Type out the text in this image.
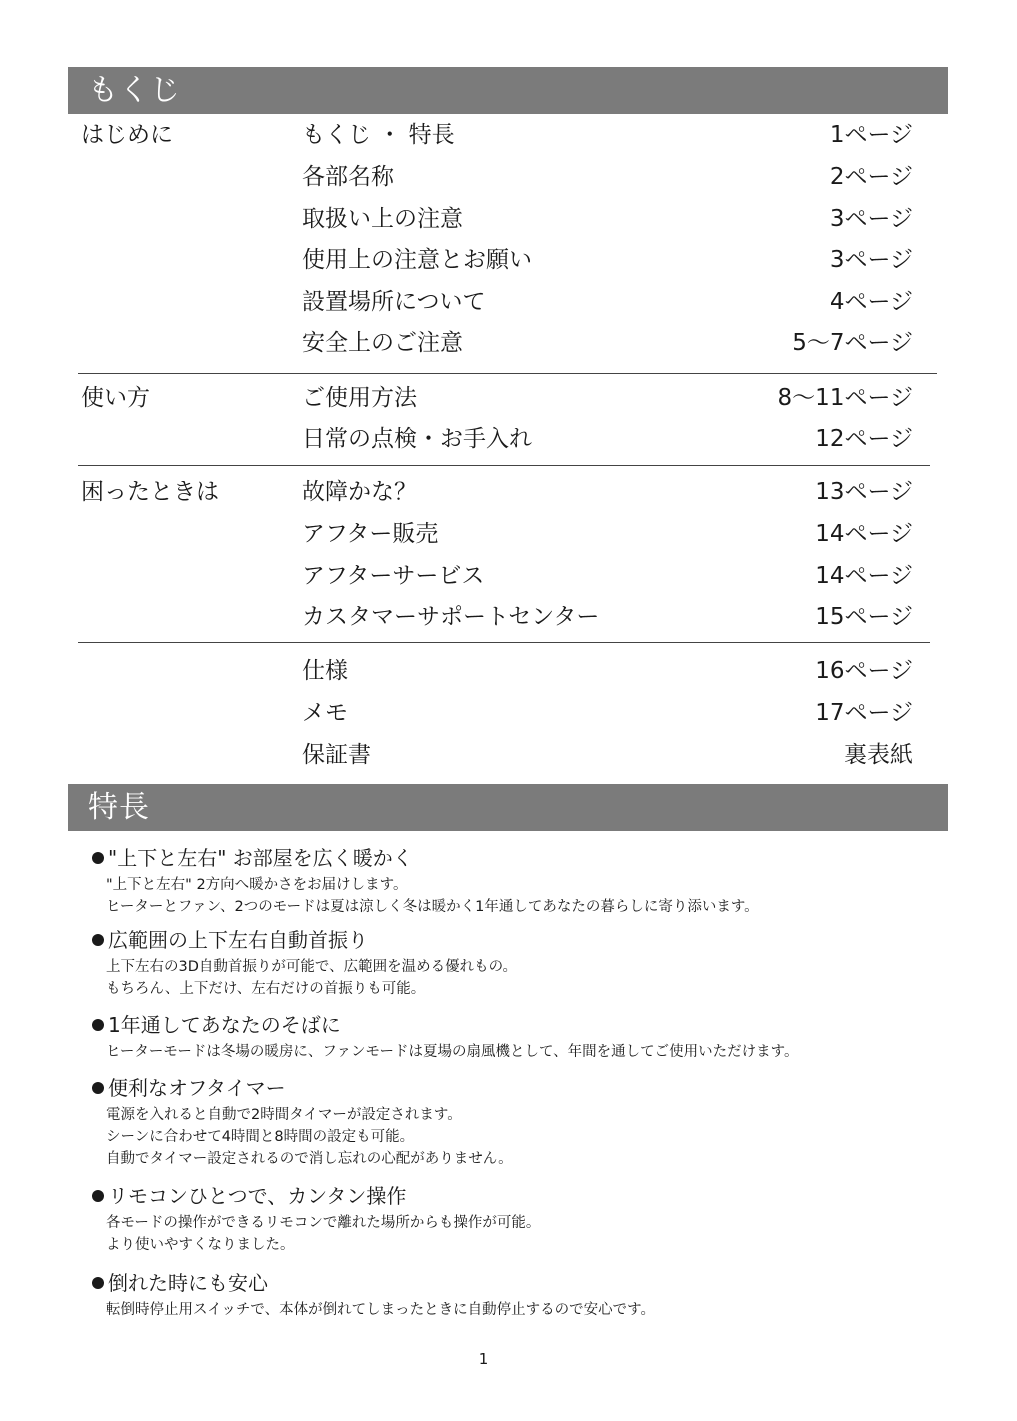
もくじ
はじめに	もくじ ・ 特長	1ページ
各部名称	2ページ
取扱い上の注意	3ページ
使用上の注意とお願い	3ページ
設置場所について	4ページ
安全上のご注意	5～7ページ
使い方	ご使用方法	8～11ページ
日常の点検・お手入れ	12ページ
困ったときは	故障かな？	13ページ
アフター販売	14ページ
アフターサービス	14ページ
カスタマーサポートセンター	15ページ
仕様	16ページ
メモ	17ページ
保証書	裏表紙
特長
"上下と左右" お部屋を広く暖かく
"上下と左右" 2方向へ暖かさをお届けします。
ヒーターとファン、2つのモードは夏は涼しく冬は暖かく1年通してあなたの暮らしに寄り添います。
広範囲の上下左右自動首振り
上下左右の3D自動首振りが可能で、広範囲を温める優れもの。
もちろん、上下だけ、左右だけの首振りも可能。
1年通してあなたのそばに
ヒーターモードは冬場の暖房に、ファンモードは夏場の扇風機として、年間を通してご使用いただけます。
便利なオフタイマー
電源を入れると自動で2時間タイマーが設定されます。
シーンに合わせて4時間と8時間の設定も可能。
自動でタイマー設定されるので消し忘れの心配がありません。
リモコンひとつで、カンタン操作
各モードの操作ができるリモコンで離れた場所からも操作が可能。
より使いやすくなりました。
倒れた時にも安心
転倒時停止用スイッチで、本体が倒れてしまったときに自動停止するので安心です。
1
